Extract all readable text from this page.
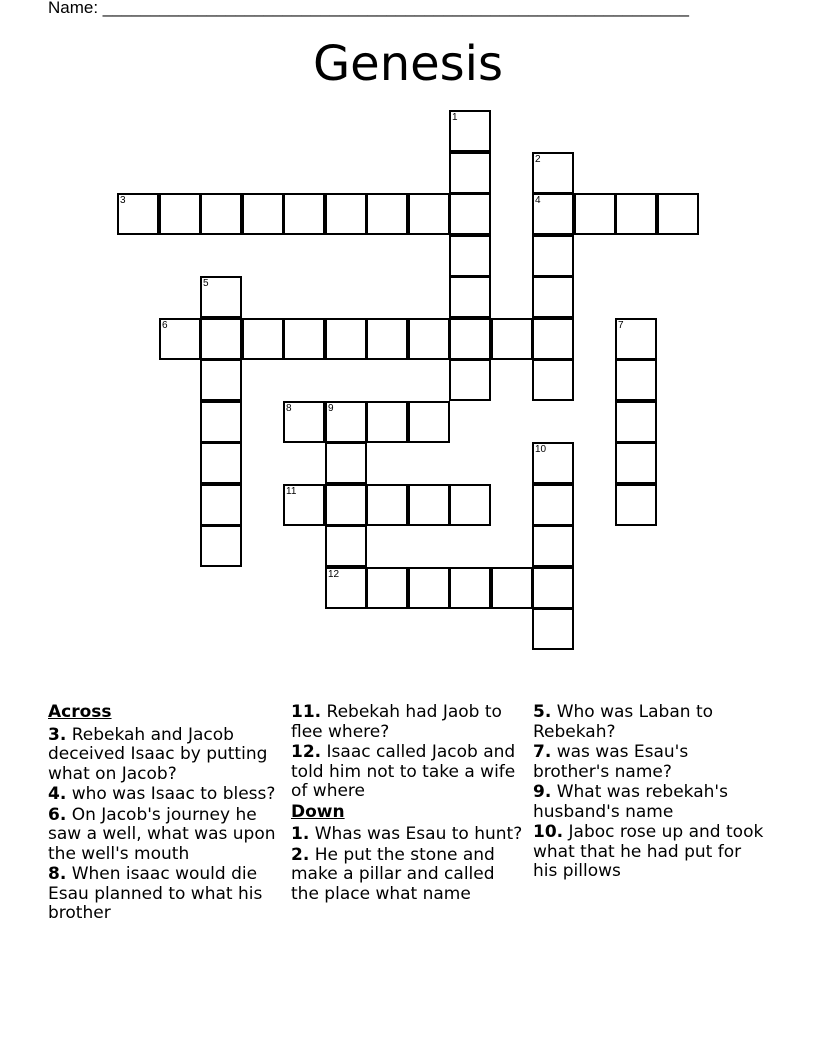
Name: ______________________________________________________________
Genesis
1
2
3	4
5
6	7
8	9
10
11
12
Across
3. Rebekah and Jacob deceived Isaac by putting what on Jacob?
4. who was Isaac to bless?
6. On Jacob's journey he saw a well, what was upon the well's mouth
8. When isaac would die Esau planned to what his brother
11. Rebekah had Jaob to flee where?
12. Isaac called Jacob and told him not to take a wife of where
Down
1. Whas was Esau to hunt?
2. He put the stone and make a pillar and called the place what name
5. Who was Laban to Rebekah?
7. was was Esau's brother's name?
9. What was rebekah's husband's name
10. Jaboc rose up and took what that he had put for his pillows
